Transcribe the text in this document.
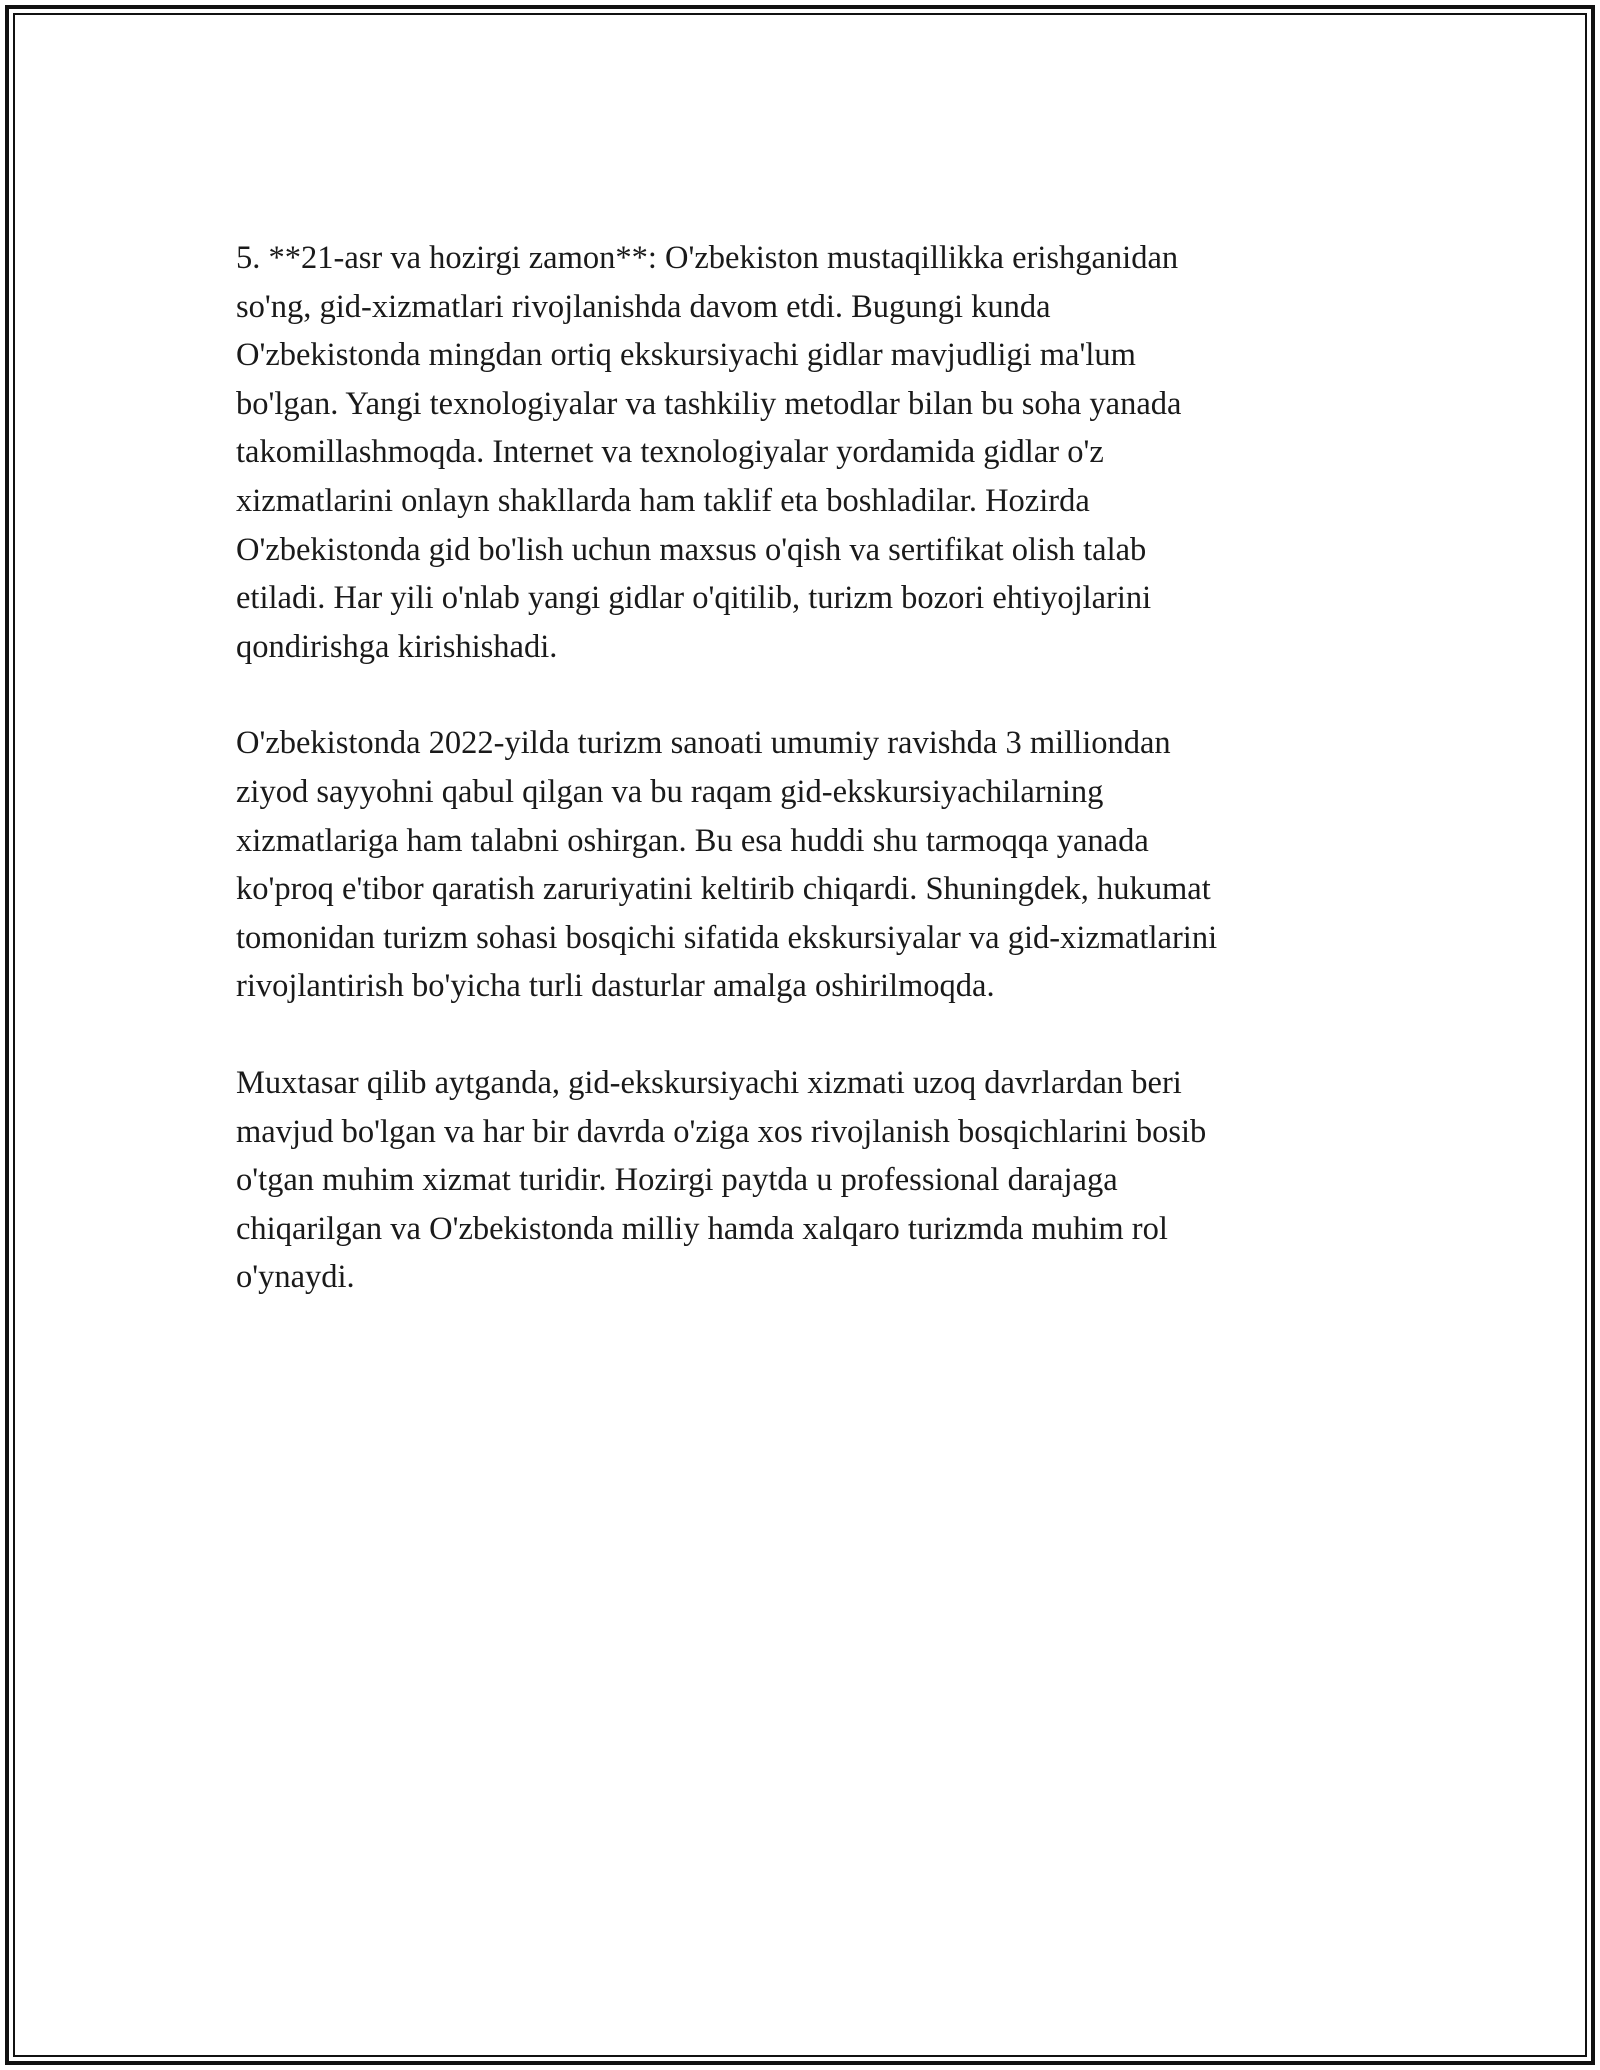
5. **21-asr va hozirgi zamon**: O'zbekiston mustaqillikka erishganidan
so'ng, gid-xizmatlari rivojlanishda davom etdi. Bugungi kunda
O'zbekistonda mingdan ortiq ekskursiyachi gidlar mavjudligi ma'lum
bo'lgan. Yangi texnologiyalar va tashkiliy metodlar bilan bu soha yanada
takomillashmoqda. Internet va texnologiyalar yordamida gidlar o'z
xizmatlarini onlayn shakllarda ham taklif eta boshladilar. Hozirda
O'zbekistonda gid bo'lish uchun maxsus o'qish va sertifikat olish talab
etiladi. Har yili o'nlab yangi gidlar o'qitilib, turizm bozori ehtiyojlarini
qondirishga kirishishadi.

O'zbekistonda 2022-yilda turizm sanoati umumiy ravishda 3 milliondan
ziyod sayyohni qabul qilgan va bu raqam gid-ekskursiyachilarning
xizmatlariga ham talabni oshirgan. Bu esa huddi shu tarmoqqa yanada
ko'proq e'tibor qaratish zaruriyatini keltirib chiqardi. Shuningdek, hukumat
tomonidan turizm sohasi bosqichi sifatida ekskursiyalar va gid-xizmatlarini
rivojlantirish bo'yicha turli dasturlar amalga oshirilmoqda.

Muxtasar qilib aytganda, gid-ekskursiyachi xizmati uzoq davrlardan beri
mavjud bo'lgan va har bir davrda o'ziga xos rivojlanish bosqichlarini bosib
o'tgan muhim xizmat turidir. Hozirgi paytda u professional darajaga
chiqarilgan va O'zbekistonda milliy hamda xalqaro turizmda muhim rol
o'ynaydi.
